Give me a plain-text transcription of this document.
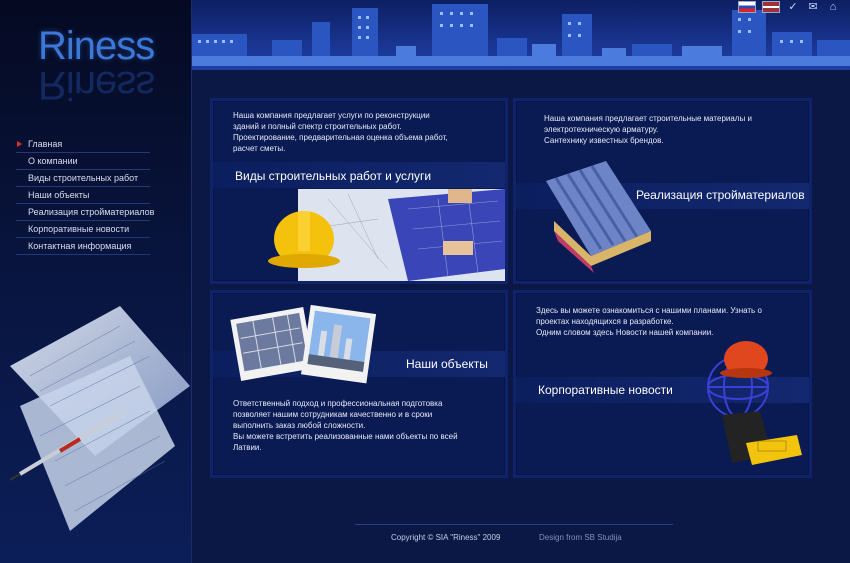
Riness
Riness
Главная
О компании
Виды строительных работ
Наши объекты
Реализация стройматериалов
Корпоративные новости
Контактная информация
✓ ✉	⌂
Наша компания предлагает услуги по реконструкции
зданий и полный спектр строительных работ.
Проектирование, предварительная оценка объема работ,
расчет сметы.
Виды строительных работ и услуги
Наша компания предлагает строительные материалы и
электротехническую арматуру.
Сантехнику известных брендов.
Реализация стройматериалов
Наши объекты
Ответственный подход и профессиональная подготовка
позволяет нашим сотрудникам качественно и в сроки
выполнить заказ любой сложности.
Вы можете встретить реализованные нами объекты по всей
Латвии.
Здесь вы можете ознакомиться с нашими планами. Узнать о
проектах находящихся в разработке.
Одним словом здесь Новости нашей компании.
Корпоративные новости
Copyright © SIA "Riness" 2009	Design from SB Studija
